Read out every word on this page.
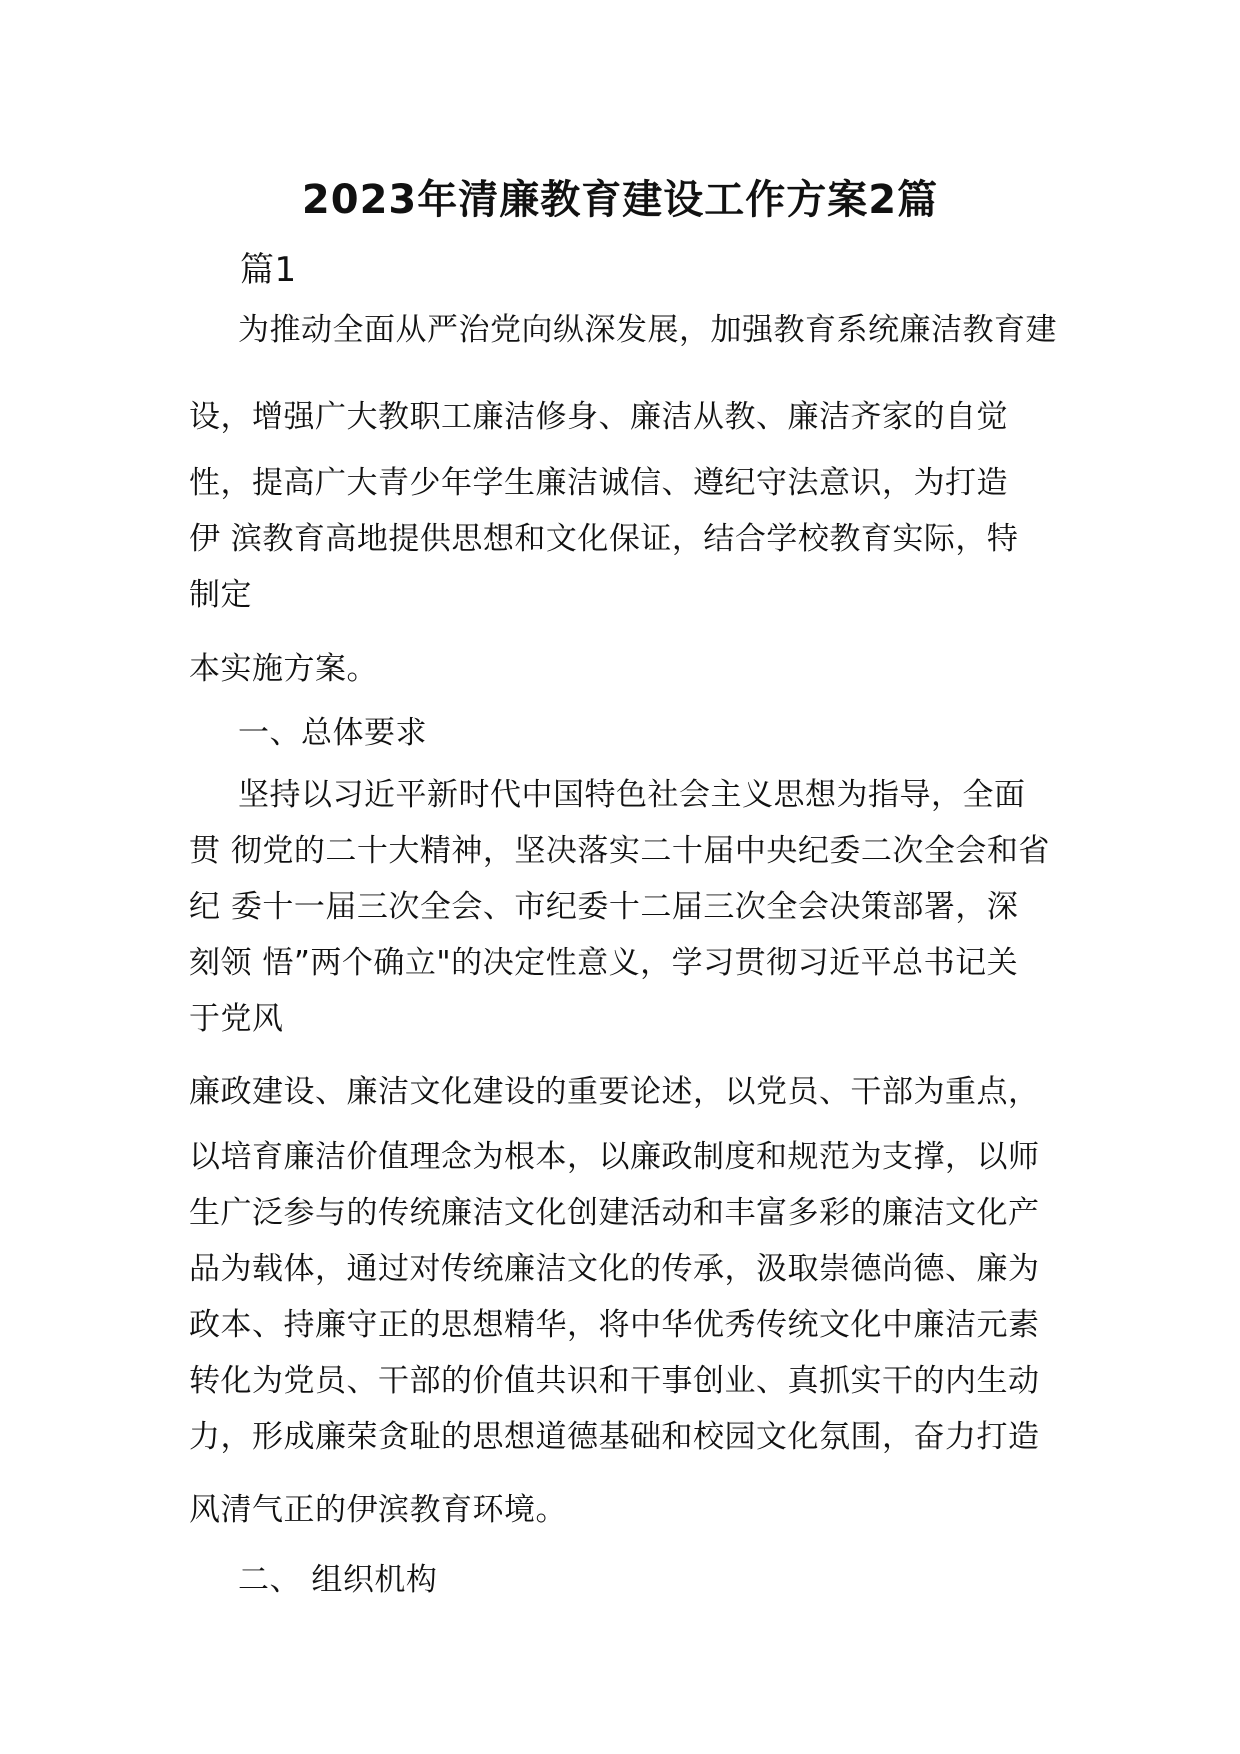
2023年清廉教育建设工作方案2篇
篇1
为推动全面从严治党向纵深发展，加强教育系统廉洁教育建
设，增强广大教职工廉洁修身、廉洁从教、廉洁齐家的自觉
性，提高广大青少年学生廉洁诚信、遵纪守法意识，为打造
伊 滨教育高地提供思想和文化保证，结合学校教育实际，特
制定
本实施方案。
一、总体要求
坚持以习近平新时代中国特色社会主义思想为指导，全面
贯 彻党的二十大精神，坚决落实二十届中央纪委二次全会和省
纪 委十一届三次全会、市纪委十二届三次全会决策部署，深
刻领 悟”两个确立"的决定性意义，学习贯彻习近平总书记关
于党风
廉政建设、廉洁文化建设的重要论述，以党员、干部为重点，
以培育廉洁价值理念为根本，以廉政制度和规范为支撑，以师
生广泛参与的传统廉洁文化创建活动和丰富多彩的廉洁文化产
品为载体，通过对传统廉洁文化的传承，汲取崇德尚德、廉为
政本、持廉守正的思想精华，将中华优秀传统文化中廉洁元素
转化为党员、干部的价值共识和干事创业、真抓实干的内生动
力，形成廉荣贪耻的思想道德基础和校园文化氛围，奋力打造
风清气正的伊滨教育环境。
二、 组织机构
